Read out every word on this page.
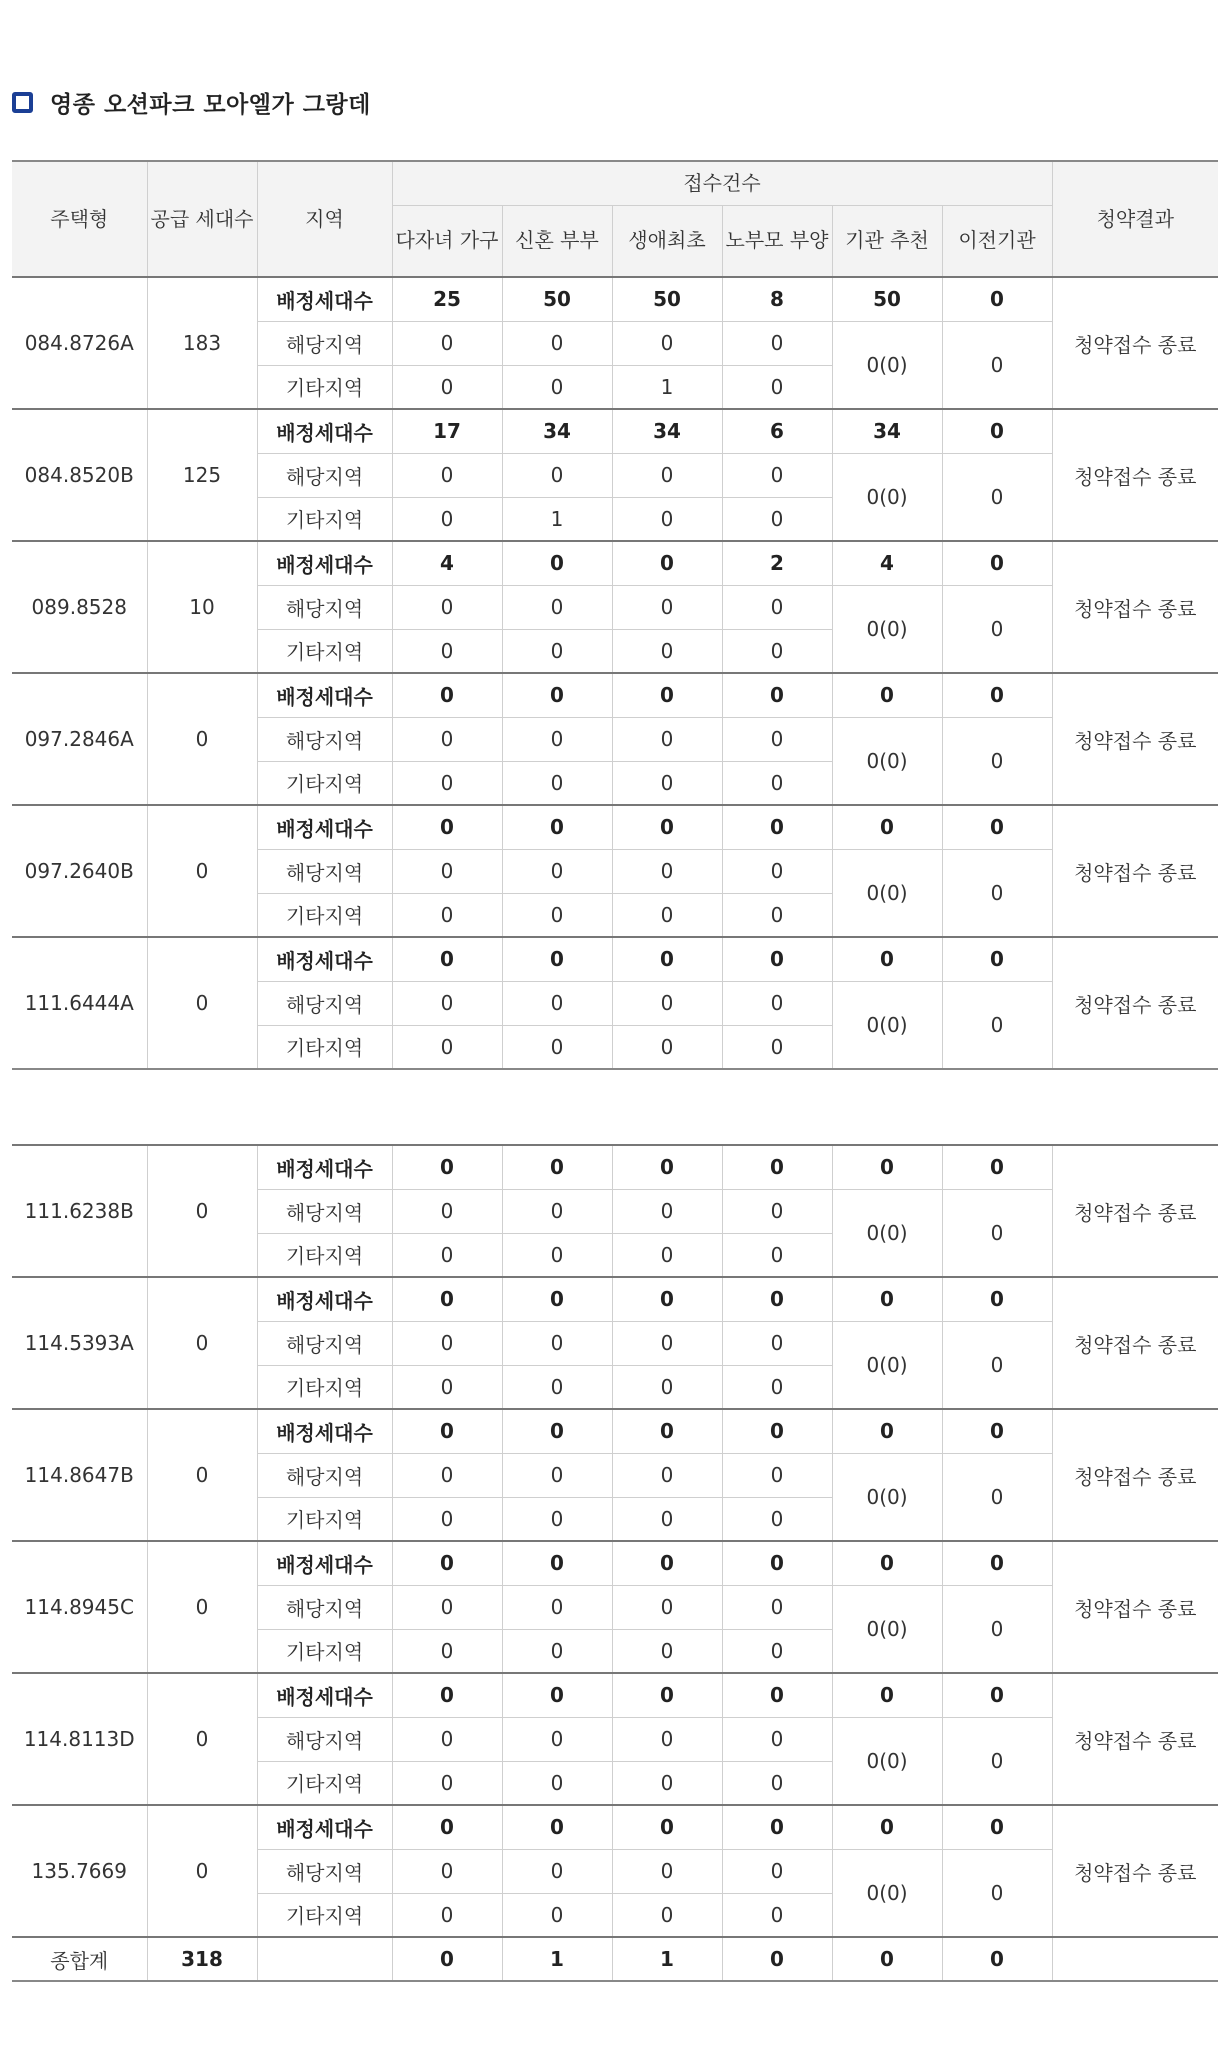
영종 오션파크 모아엘가 그랑데
주택형	공급 세대수	지역	접수건수						청약결과
			다자녀 가구	신혼 부부	생애최초	노부모 부양	기관 추천	이전기관	
084.8726A	183	배정세대수	25	50	50	8	50	0	청약접수 종료
		해당지역	0	0	0	0	0(0)	0	
		기타지역	0	0	1	0			
084.8520B	125	배정세대수	17	34	34	6	34	0	청약접수 종료
		해당지역	0	0	0	0	0(0)	0	
		기타지역	0	1	0	0			
089.8528	10	배정세대수	4	0	0	2	4	0	청약접수 종료
		해당지역	0	0	0	0	0(0)	0	
		기타지역	0	0	0	0			
097.2846A	0	배정세대수	0	0	0	0	0	0	청약접수 종료
		해당지역	0	0	0	0	0(0)	0	
		기타지역	0	0	0	0			
097.2640B	0	배정세대수	0	0	0	0	0	0	청약접수 종료
		해당지역	0	0	0	0	0(0)	0	
		기타지역	0	0	0	0			
111.6444A	0	배정세대수	0	0	0	0	0	0	청약접수 종료
		해당지역	0	0	0	0	0(0)	0	
		기타지역	0	0	0	0			
111.6238B	0	배정세대수	0	0	0	0	0	0	청약접수 종료
		해당지역	0	0	0	0	0(0)	0	
		기타지역	0	0	0	0			
114.5393A	0	배정세대수	0	0	0	0	0	0	청약접수 종료
		해당지역	0	0	0	0	0(0)	0	
		기타지역	0	0	0	0			
114.8647B	0	배정세대수	0	0	0	0	0	0	청약접수 종료
		해당지역	0	0	0	0	0(0)	0	
		기타지역	0	0	0	0			
114.8945C	0	배정세대수	0	0	0	0	0	0	청약접수 종료
		해당지역	0	0	0	0	0(0)	0	
		기타지역	0	0	0	0			
114.8113D	0	배정세대수	0	0	0	0	0	0	청약접수 종료
		해당지역	0	0	0	0	0(0)	0	
		기타지역	0	0	0	0			
135.7669	0	배정세대수	0	0	0	0	0	0	청약접수 종료
		해당지역	0	0	0	0	0(0)	0	
		기타지역	0	0	0	0			
종합계	318		0	1	1	0	0	0	
